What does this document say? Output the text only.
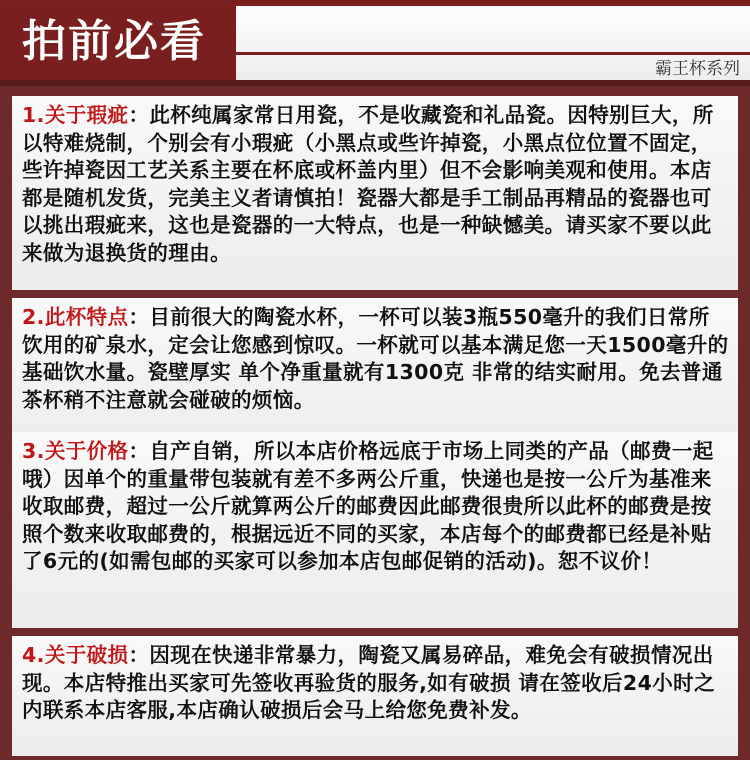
拍前必看
霸王杯系列

1.关于瑕疵：此杯纯属家常日用瓷，不是收藏瓷和礼品瓷。因特别巨大，所以特难烧制，个别会有小瑕疵（小黑点或些许掉瓷，小黑点位位置不固定，些许掉瓷因工艺关系主要在杯底或杯盖内里）但不会影响美观和使用。本店都是随机发货，完美主义者请慎拍！瓷器大都是手工制品再精品的瓷器也可以挑出瑕疵来，这也是瓷器的一大特点，也是一种缺憾美。请买家不要以此来做为退换货的理由。

2.此杯特点：目前很大的陶瓷水杯，一杯可以装3瓶550毫升的我们日常所饮用的矿泉水，定会让您感到惊叹。一杯就可以基本满足您一天1500毫升的基础饮水量。瓷壁厚实 单个净重量就有1300克 非常的结实耐用。免去普通茶杯稍不注意就会碰破的烦恼。

3.关于价格：自产自销，所以本店价格远底于市场上同类的产品（邮费一起哦）因单个的重量带包装就有差不多两公斤重，快递也是按一公斤为基准来收取邮费，超过一公斤就算两公斤的邮费因此邮费很贵所以此杯的邮费是按照个数来收取邮费的，根据远近不同的买家，本店每个的邮费都已经是补贴了6元的(如需包邮的买家可以参加本店包邮促销的活动)。恕不议价！

4.关于破损：因现在快递非常暴力，陶瓷又属易碎品，难免会有破损情况出现。本店特推出买家可先签收再验货的服务,如有破损 请在签收后24小时之内联系本店客服,本店确认破损后会马上给您免费补发。
